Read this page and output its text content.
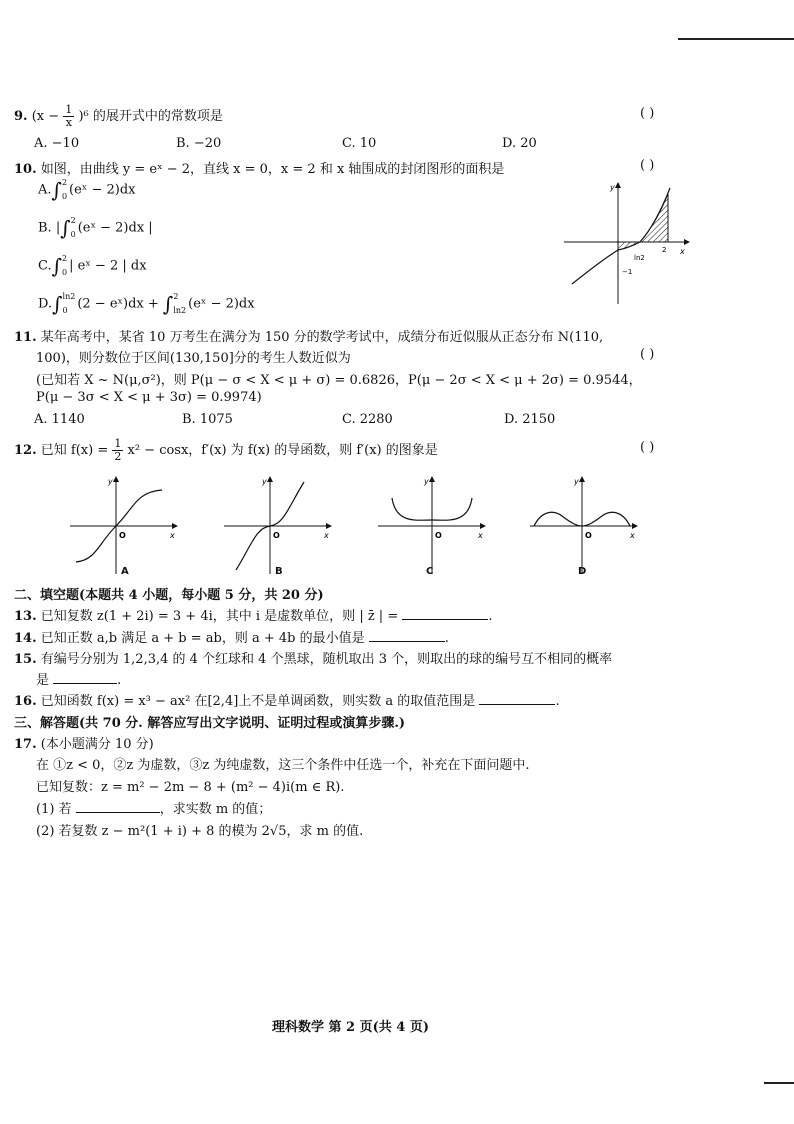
9. $(x - \frac{1}{x} )^6$ 的展开式中的常数项是	( )
A. −10	B. −20	C. 10	D. 20
10. 如图，由曲线 y = eˣ − 2，直线 x = 0，x = 2 和 x 轴围成的封闭图形的面积是	( )
A.∫ 2
0 (eˣ − 2)dx
B. |∫ 2
0 (eˣ − 2)dx |
C.∫ 2
0 | eˣ − 2 | dx
D.∫ ln2
0 (2 − eˣ)dx + ∫ 2
ln2 (eˣ − 2)dx
y
x
ln2
2
−1
11. 某年高考中，某省 10 万考生在满分为 150 分的数学考试中，成绩分布近似服从正态分布 N(110,
100)，则分数位于区间(130,150]分的考生人数近似为	( )
(已知若 X ~ N(μ,σ²)，则 P(μ − σ < X < μ + σ) = 0.6826，P(μ − 2σ < X < μ + 2σ) = 0.9544，
P(μ − 3σ < X < μ + 3σ) = 0.9974)
A. 1140	B. 1075	C. 2280	D. 2150
12. 已知 $f(x) = \frac{1}{2} x^2 - \cos x$，f′(x) 为 f(x) 的导函数，则 f′(x) 的图象是	( )
y
x
O
A
y
x
O
B
y
x
O
C
y
x
O
D
二、填空题(本题共 4 小题，每小题 5 分，共 20 分)
13. 已知复数 z(1 + 2i) = 3 + 4i，其中 i 是虚数单位，则 | z̄ | =	.
14. 已知正数 a,b 满足 a + b = ab，则 a + 4b 的最小值是	.
15. 有编号分别为 1,2,3,4 的 4 个红球和 4 个黑球，随机取出 3 个，则取出的球的编号互不相同的概率
是	.
16. 已知函数 f(x) = x³ − ax² 在[2,4]上不是单调函数，则实数 a 的取值范围是	.
三、解答题(共 70 分. 解答应写出文字说明、证明过程或演算步骤.)
17. (本小题满分 10 分)
在 ①z < 0，②z 为虚数，③z 为纯虚数，这三个条件中任选一个，补充在下面问题中.
已知复数：z = m² − 2m − 8 + (m² − 4)i(m ∈ R).
(1) 若	，求实数 m 的值；
(2) 若复数 z − m²(1 + i) + 8 的模为 2√5，求 m 的值.
理科数学 第 2 页(共 4 页)
